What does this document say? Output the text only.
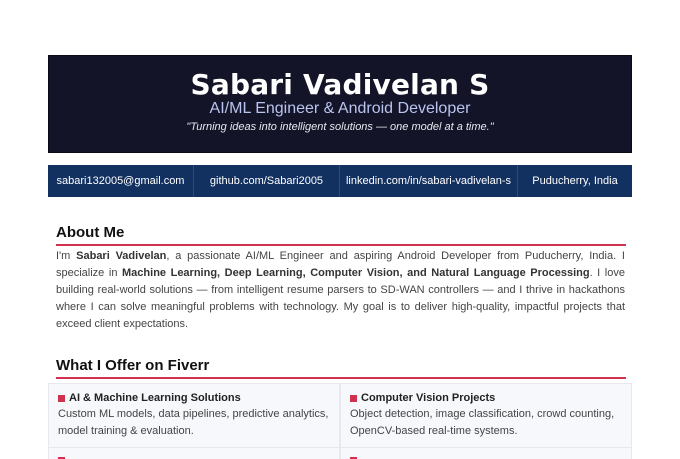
Sabari Vadivelan S
AI/ML Engineer & Android Developer
"Turning ideas into intelligent solutions — one model at a time."
sabari132005@gmail.com	github.com/Sabari2005	linkedin.com/in/sabari-vadivelan-s	Puducherry, India
About Me

I'm Sabari Vadivelan, a passionate AI/ML Engineer and aspiring Android Developer from Puducherry, India. I specialize in Machine Learning, Deep Learning, Computer Vision, and Natural Language Processing. I love building real-world solutions — from intelligent resume parsers to SD-WAN controllers — and I thrive in hackathons where I can solve meaningful problems with technology. My goal is to deliver high-quality, impactful projects that exceed client expectations.

What I Offer on Fiverr
AI & Machine Learning Solutions
Custom ML models, data pipelines, predictive analytics, model training & evaluation.
Computer Vision Projects
Object detection, image classification, crowd counting, OpenCV-based real-time systems.
